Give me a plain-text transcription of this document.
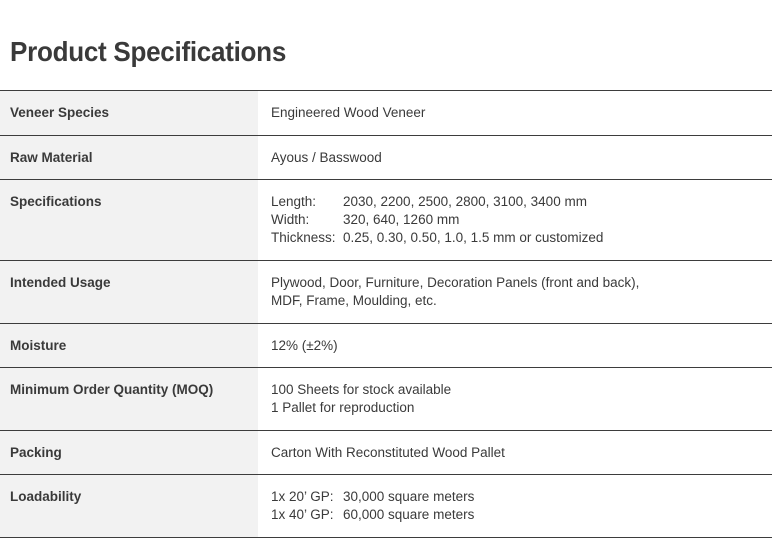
Product Specifications
Veneer Species	Engineered Wood Veneer
Raw Material	Ayous / Basswood
Specifications	Length:	2030, 2200, 2500, 2800, 3100, 3400 mm
Width:	320, 640, 1260 mm
Thickness: 0.25, 0.30, 0.50, 1.0, 1.5 mm or customized
Intended Usage	Plywood, Door, Furniture, Decoration Panels (front and back),
MDF, Frame, Moulding, etc.
Moisture	12% (±2%)
Minimum Order Quantity (MOQ)	100 Sheets for stock available
1 Pallet for reproduction
Packing	Carton With Reconstituted Wood Pallet
Loadability	1x 20’ GP: 30,000 square meters
1x 40’ GP: 60,000 square meters
